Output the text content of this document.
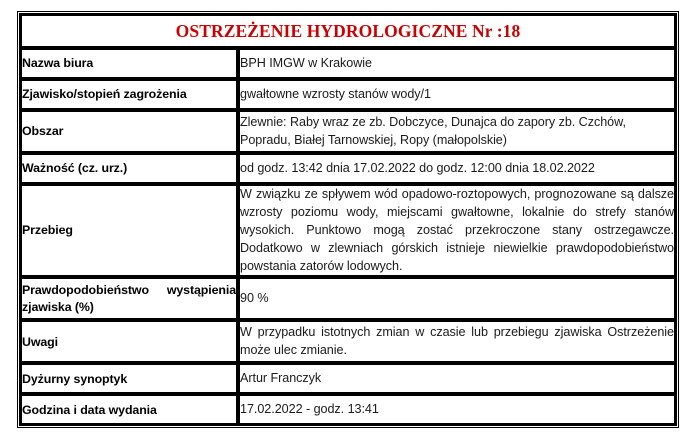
OSTRZEŻENIE HYDROLOGICZNE Nr :18	
Nazwa biura	BPH IMGW w Krakowie
Zjawisko/stopień zagrożenia	gwałtowne wzrosty stanów wody/1
Obszar	Zlewnie: Raby wraz ze zb. Dobczyce, Dunajca do zapory zb. Czchów, Popradu, Białej Tarnowskiej, Ropy (małopolskie)
Ważność (cz. urz.)	od godz. 13:42 dnia 17.02.2022 do godz. 12:00 dnia 18.02.2022
Przebieg	W związku ze spływem wód opadowo-roztopowych, prognozowane są dalsze wzrosty poziomu wody, miejscami gwałtowne, lokalnie do strefy stanów wysokich. Punktowo mogą zostać przekroczone stany ostrzegawcze. Dodatkowo w zlewniach górskich istnieje niewielkie prawdopodobieństwo powstania zatorów lodowych.
Prawdopodobieństwo wystąpienia zjawiska (%)	90 %
Uwagi	W przypadku istotnych zmian w czasie lub przebiegu zjawiska Ostrzeżenie może ulec zmianie.
Dyżurny synoptyk	Artur Franczyk
Godzina i data wydania	17.02.2022 - godz. 13:41
